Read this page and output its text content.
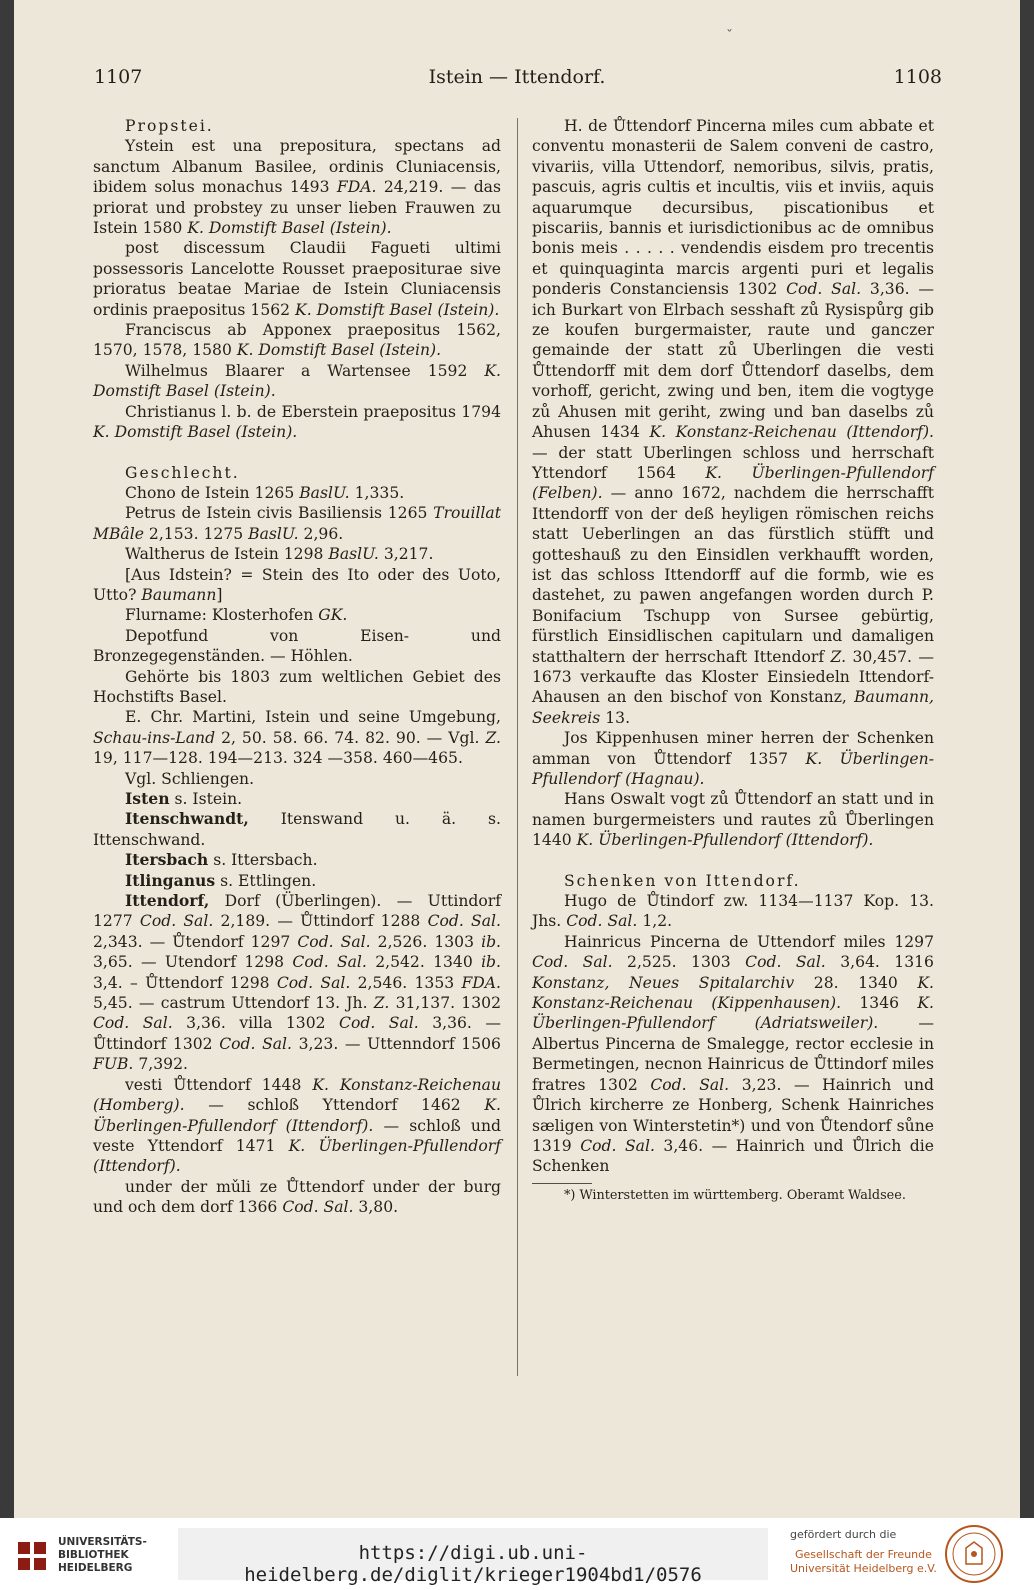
ˇ
1107	Istein — Ittendorf.	1108

Propstei.

Ystein est una prepositura, spectans ad sanctum Albanum Basilee, ordinis Cluniacensis, ibidem solus monachus 1493 FDA. 24,219. — das priorat und probstey zu unser lieben Frauwen zu Istein 1580 K. Domstift Basel (Istein).

post discessum Claudii Fagueti ultimi possessoris Lancelotte Rousset praepositurae sive prioratus beatae Mariae de Istein Cluniacensis ordinis praepositus 1562 K. Domstift Basel (Istein).

Franciscus ab Apponex praepositus 1562, 1570, 1578, 1580 K. Domstift Basel (Istein).

Wilhelmus Blaarer a Wartensee 1592 K. Domstift Basel (Istein).

Christianus l. b. de Eberstein praepositus 1794 K. Domstift Basel (Istein).

Geschlecht.

Chono de Istein 1265 BaslU. 1,335.

Petrus de Istein civis Basiliensis 1265 Trouillat MBâle 2,153. 1275 BaslU. 2,96.

Waltherus de Istein 1298 BaslU. 3,217.

[Aus Idstein? = Stein des Ito oder des Uoto, Utto? Baumann]

Flurname: Klosterhofen GK.

Depotfund von Eisen- und Bronzegegenständen. — Höhlen.

Gehörte bis 1803 zum weltlichen Gebiet des Hochstifts Basel.

E. Chr. Martini, Istein und seine Umgebung, Schau-ins-Land 2, 50. 58. 66. 74. 82. 90. — Vgl. Z. 19, 117—128. 194—213. 324 —358. 460—465.

Vgl. Schliengen.

Isten s. Istein.

Itenschwandt, Itenswand u. ä. s. Ittenschwand.

Itersbach s. Ittersbach.

Itlinganus s. Ettlingen.

Ittendorf, Dorf (Überlingen). — Uttindorf 1277 Cod. Sal. 2,189. — Ůttindorf 1288 Cod. Sal. 2,343. — Ůtendorf 1297 Cod. Sal. 2,526. 1303 ib. 3,65. — Utendorf 1298 Cod. Sal. 2,542. 1340 ib. 3,4. – Ůttendorf 1298 Cod. Sal. 2,546. 1353 FDA. 5,45. — castrum Uttendorf 13. Jh. Z. 31,137. 1302 Cod. Sal. 3,36. villa 1302 Cod. Sal. 3,36. — Ůttindorf 1302 Cod. Sal. 3,23. — Uttenndorf 1506 FUB. 7,392.

vesti Ůttendorf 1448 K. Konstanz-Reichenau (Homberg). — schloß Yttendorf 1462 K. Überlingen-Pfullendorf (Ittendorf). — schloß und veste Yttendorf 1471 K. Überlingen-Pfullendorf (Ittendorf).

under der mǔli ze Ůttendorf under der burg und och dem dorf 1366 Cod. Sal. 3,80.

H. de Ůttendorf Pincerna miles cum abbate et conventu monasterii de Salem conveni de castro, vivariis, villa Uttendorf, nemoribus, silvis, pratis, pascuis, agris cultis et incultis, viis et inviis, aquis aquarumque decursibus, piscationibus et piscariis, bannis et iurisdictionibus ac de omnibus bonis meis . . . . . vendendis eisdem pro trecentis et quinquaginta marcis argenti puri et legalis ponderis Constanciensis 1302 Cod. Sal. 3,36. — ich Burkart von Elrbach sesshaft zů Rysispůrg gib ze koufen burgermaister, raute und ganczer gemainde der statt zů Uberlingen die vesti Ůttendorff mit dem dorf Ůttendorf daselbs, dem vorhoff, gericht, zwing und ben, item die vogtyge zů Ahusen mit geriht, zwing und ban daselbs zů Ahusen 1434 K. Konstanz-Reichenau (Ittendorf). — der statt Uberlingen schloss und herrschaft Yttendorf 1564 K. Überlingen-Pfullendorf (Felben). — anno 1672, nachdem die herrschafft Ittendorff von der deß heyligen römischen reichs statt Ueberlingen an das fürstlich stüfft und gotteshauß zu den Einsidlen verkhaufft worden, ist das schloss Ittendorff auf die formb, wie es dastehet, zu pawen angefangen worden durch P. Bonifacium Tschupp von Sursee gebürtig, fürstlich Einsidlischen capitularn und damaligen statthaltern der herrschaft Ittendorf Z. 30,457. — 1673 verkaufte das Kloster Einsiedeln Ittendorf-Ahausen an den bischof von Konstanz, Baumann, Seekreis 13.

Jos Kippenhusen miner herren der Schenken amman von Ůttendorf 1357 K. Überlingen-Pfullendorf (Hagnau).

Hans Oswalt vogt zů Ůttendorf an statt und in namen burgermeisters und rautes zů Ůberlingen 1440 K. Überlingen-Pfullendorf (Ittendorf).

Schenken von Ittendorf.

Hugo de Ůtindorf zw. 1134—1137 Kop. 13. Jhs. Cod. Sal. 1,2.

Hainricus Pincerna de Uttendorf miles 1297 Cod. Sal. 2,525. 1303 Cod. Sal. 3,64. 1316 Konstanz, Neues Spitalarchiv 28. 1340 K. Konstanz-Reichenau (Kippenhausen). 1346 K. Überlingen-Pfullendorf (Adriatsweiler).	— Albertus Pincerna de Smalegge, rector ecclesie in Bermetingen, necnon Hainricus de Ůttindorf miles fratres 1302 Cod. Sal. 3,23. — Hainrich und Ůlrich kircherre ze Honberg, Schenk Hainriches sæligen von Winterstetin*) und von Ůtendorf sůne 1319 Cod. Sal. 3,46. — Hainrich und Ůlrich die Schenken

*) Winterstetten im württemberg. Oberamt Waldsee.

UNIVERSITÄTS-
BIBLIOTHEK
HEIDELBERG
https://digi.ub.uni-heidelberg.de/diglit/krieger1904bd1/0576
gefördert durch die
Gesellschaft der Freunde
Universität Heidelberg e.V.
